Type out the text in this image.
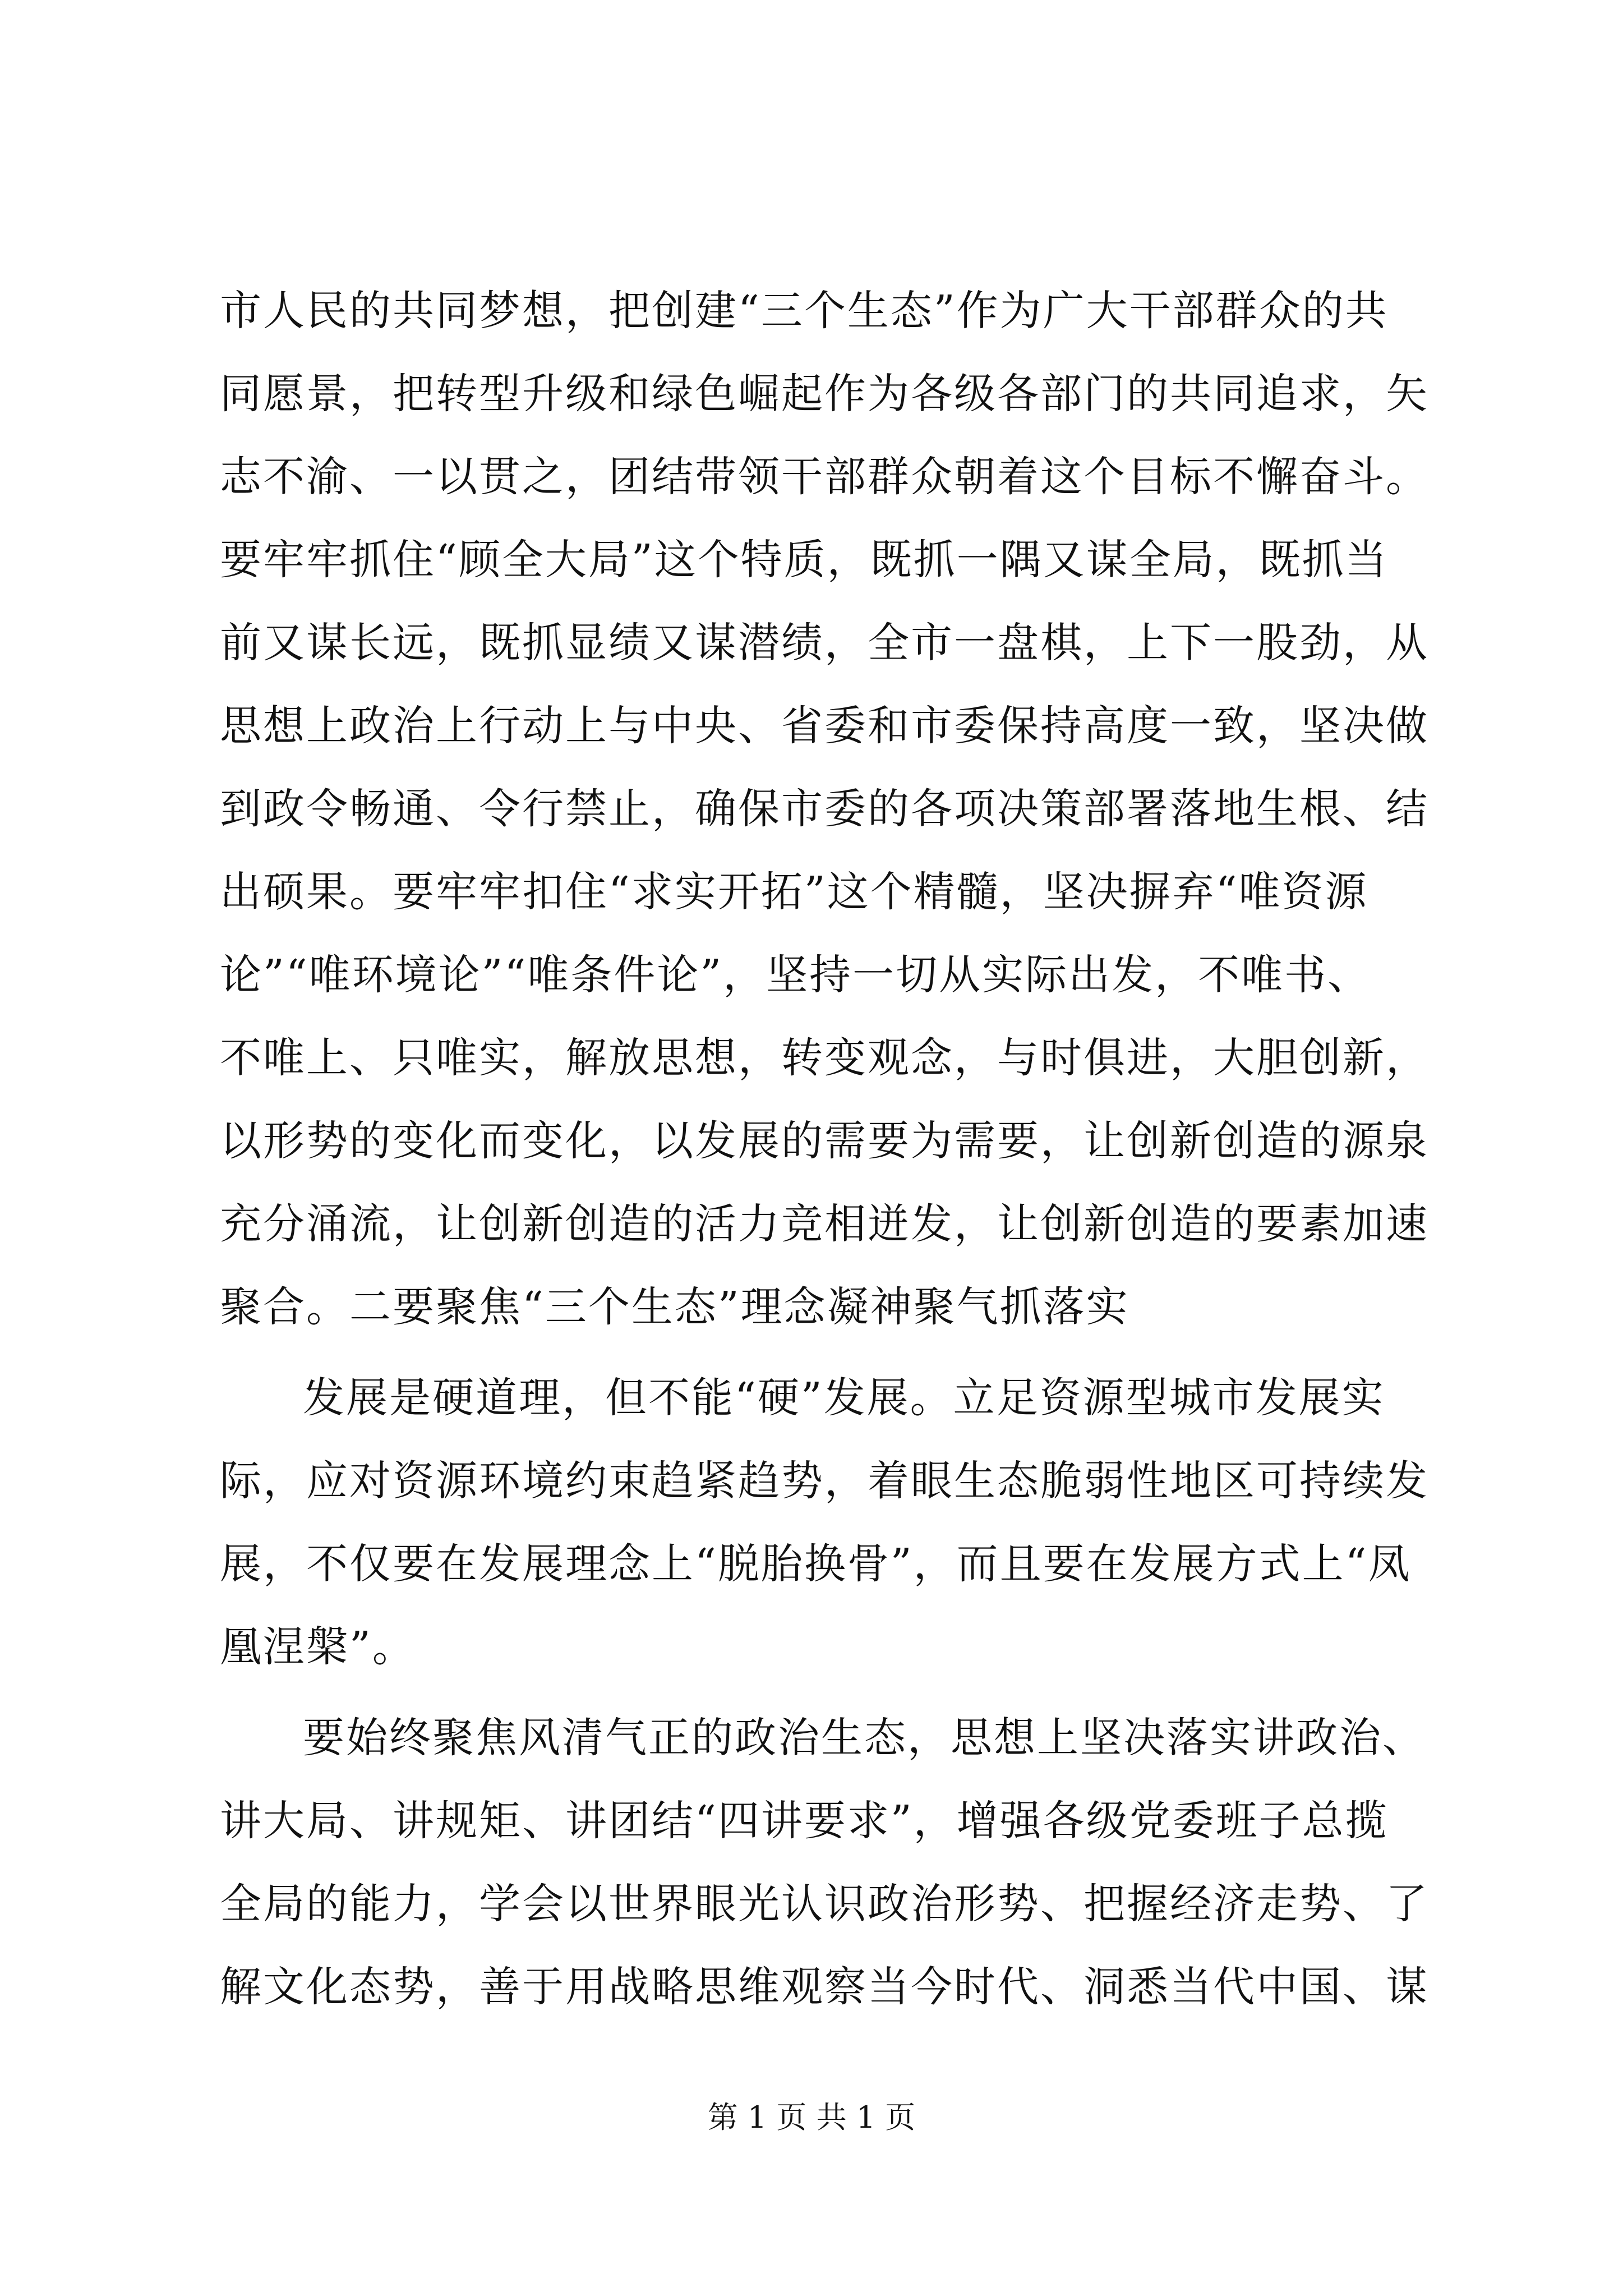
市人民的共同梦想，把创建“三个生态”作为广大干部群众的共
同愿景，把转型升级和绿色崛起作为各级各部门的共同追求，矢
志不渝、一以贯之，团结带领干部群众朝着这个目标不懈奋斗。
要牢牢抓住“顾全大局”这个特质，既抓一隅又谋全局，既抓当
前又谋长远，既抓显绩又谋潜绩，全市一盘棋，上下一股劲，从
思想上政治上行动上与中央、省委和市委保持高度一致，坚决做
到政令畅通、令行禁止，确保市委的各项决策部署落地生根、结
出硕果。要牢牢扣住“求实开拓”这个精髓，坚决摒弃“唯资源
论”“唯环境论”“唯条件论”，坚持一切从实际出发，不唯书、
不唯上、只唯实，解放思想，转变观念，与时俱进，大胆创新，
以形势的变化而变化，以发展的需要为需要，让创新创造的源泉
充分涌流，让创新创造的活力竞相迸发，让创新创造的要素加速
聚合。二要聚焦“三个生态”理念凝神聚气抓落实
发展是硬道理，但不能“硬”发展。立足资源型城市发展实
际，应对资源环境约束趋紧趋势，着眼生态脆弱性地区可持续发
展，不仅要在发展理念上“脱胎换骨”，而且要在发展方式上“凤
凰涅槃”。
要始终聚焦风清气正的政治生态，思想上坚决落实讲政治、
讲大局、讲规矩、讲团结“四讲要求”，增强各级党委班子总揽
全局的能力，学会以世界眼光认识政治形势、把握经济走势、了
解文化态势，善于用战略思维观察当今时代、洞悉当代中国、谋
第 1 页 共 1 页
